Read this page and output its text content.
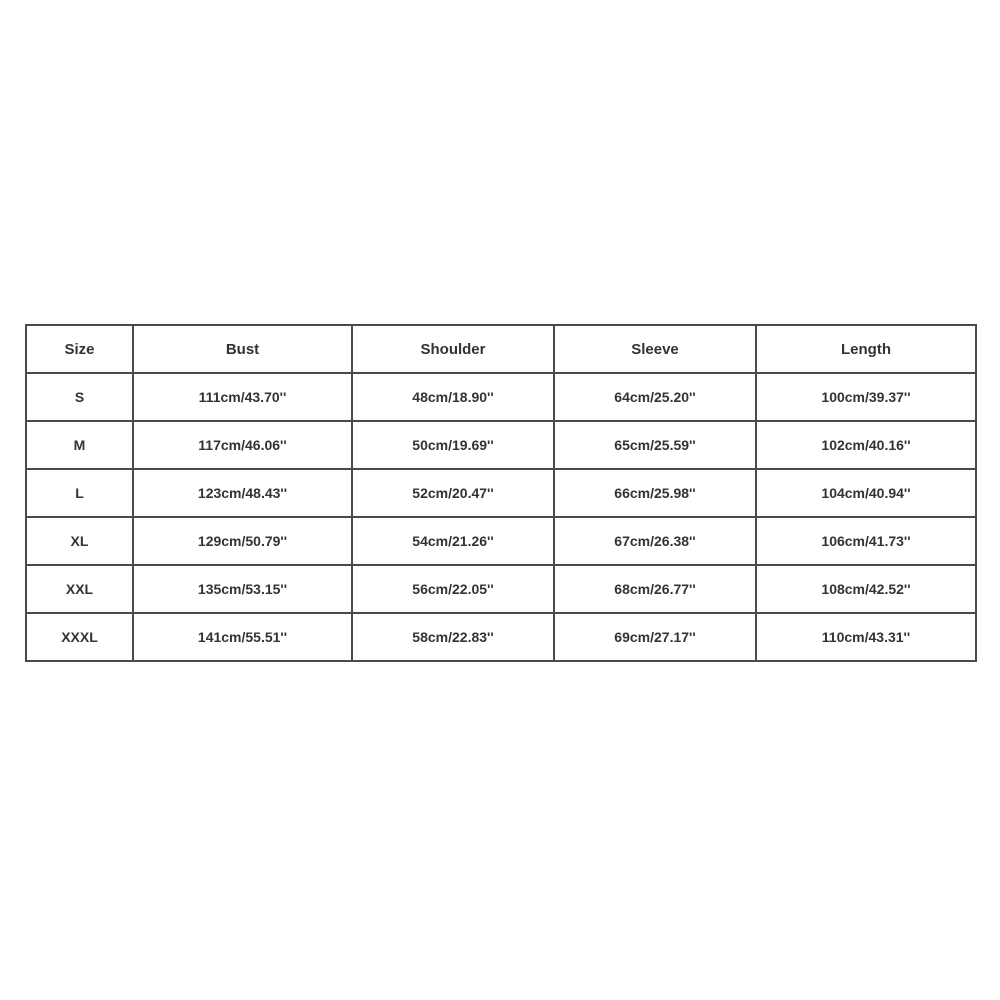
Size	Bust	Shoulder	Sleeve	Length
S	111cm/43.70''	48cm/18.90''	64cm/25.20''	100cm/39.37''
M	117cm/46.06''	50cm/19.69''	65cm/25.59''	102cm/40.16''
L	123cm/48.43''	52cm/20.47''	66cm/25.98''	104cm/40.94''
XL	129cm/50.79''	54cm/21.26''	67cm/26.38''	106cm/41.73''
XXL	135cm/53.15''	56cm/22.05''	68cm/26.77''	108cm/42.52''
XXXL	141cm/55.51''	58cm/22.83''	69cm/27.17''	110cm/43.31''
